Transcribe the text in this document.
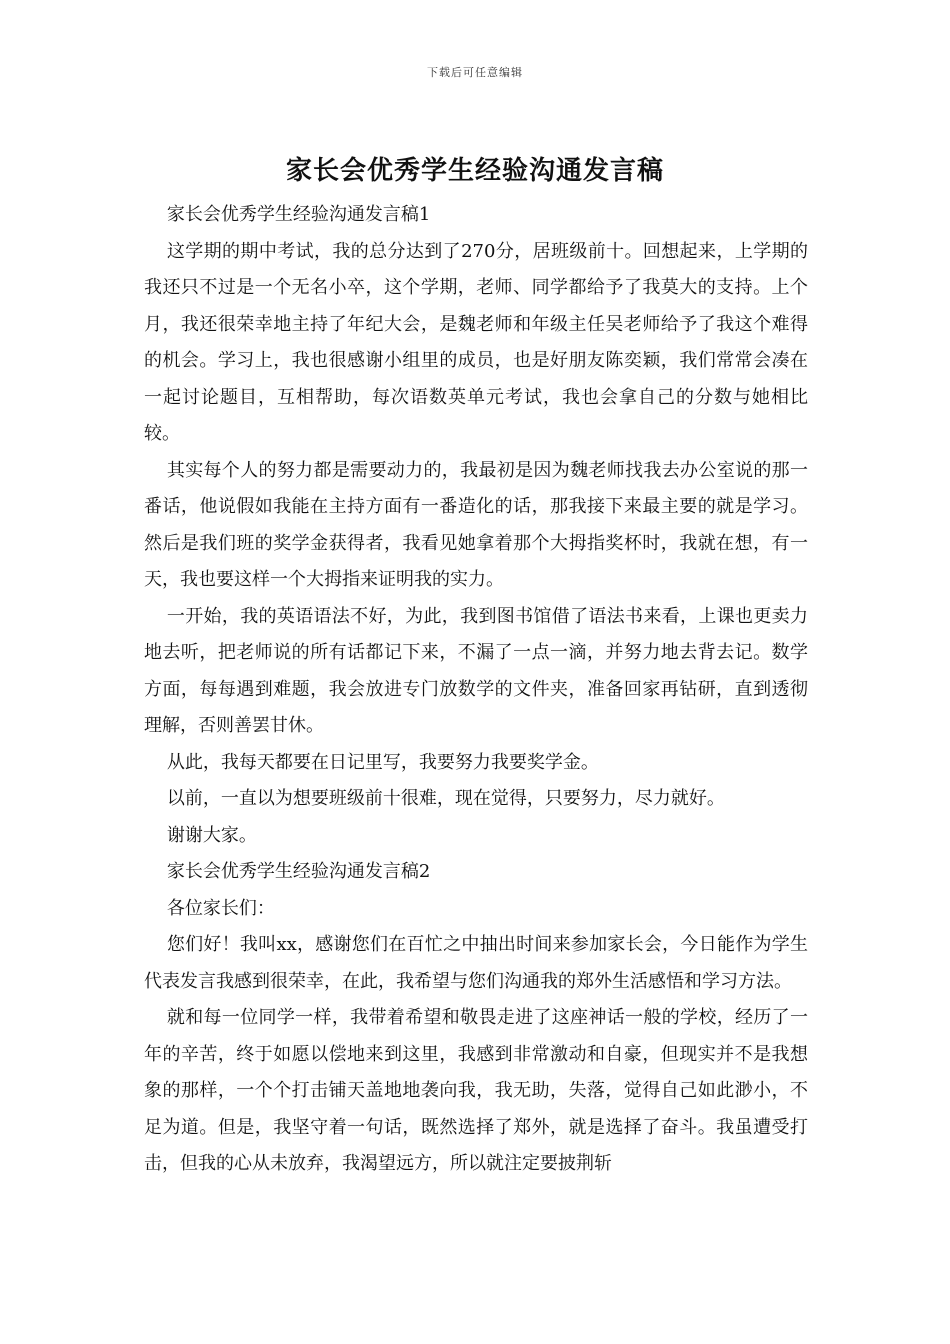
下载后可任意编辑
家长会优秀学生经验沟通发言稿

家长会优秀学生经验沟通发言稿1

这学期的期中考试，我的总分达到了270分，居班级前十。回想起来，上学期的我还只不过是一个无名小卒，这个学期，老师、同学都给予了我莫大的支持。上个月，我还很荣幸地主持了年纪大会，是魏老师和年级主任吴老师给予了我这个难得的机会。学习上，我也很感谢小组里的成员，也是好朋友陈奕颖，我们常常会凑在一起讨论题目，互相帮助，每次语数英单元考试，我也会拿自己的分数与她相比较。

其实每个人的努力都是需要动力的，我最初是因为魏老师找我去办公室说的那一番话，他说假如我能在主持方面有一番造化的话，那我接下来最主要的就是学习。然后是我们班的奖学金获得者，我看见她拿着那个大拇指奖杯时，我就在想，有一天，我也要这样一个大拇指来证明我的实力。

一开始，我的英语语法不好，为此，我到图书馆借了语法书来看，上课也更卖力地去听，把老师说的所有话都记下来，不漏了一点一滴，并努力地去背去记。数学方面，每每遇到难题，我会放进专门放数学的文件夹，准备回家再钻研，直到透彻理解，否则善罢甘休。

从此，我每天都要在日记里写，我要努力我要奖学金。

以前，一直以为想要班级前十很难，现在觉得，只要努力，尽力就好。

谢谢大家。

家长会优秀学生经验沟通发言稿2

各位家长们：

您们好！我叫xx，感谢您们在百忙之中抽出时间来参加家长会，今日能作为学生代表发言我感到很荣幸，在此，我希望与您们沟通我的郑外生活感悟和学习方法。

就和每一位同学一样，我带着希望和敬畏走进了这座神话一般的学校，经历了一年的辛苦，终于如愿以偿地来到这里，我感到非常激动和自豪，但现实并不是我想象的那样，一个个打击铺天盖地地袭向我，我无助，失落，觉得自己如此渺小，不足为道。但是，我坚守着一句话，既然选择了郑外，就是选择了奋斗。我虽遭受打击，但我的心从未放弃，我渴望远方，所以就注定要披荆斩
